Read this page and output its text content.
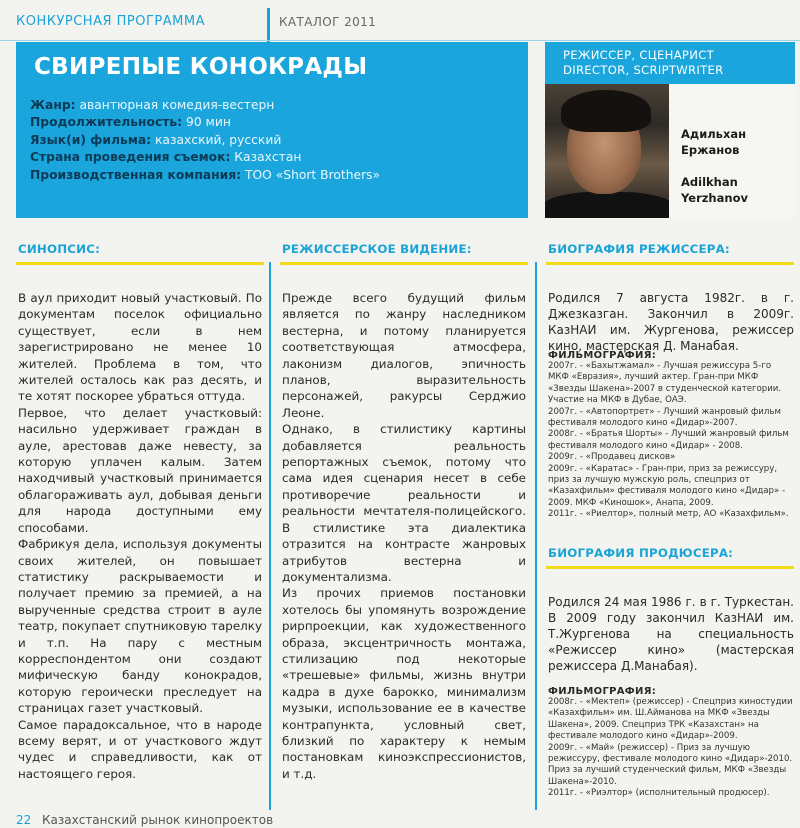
КОНКУРСНАЯ ПРОГРАММА	КАТАЛОГ 2011
СВИРЕПЫЕ КОНОКРАДЫ
Жанр: авантюрная комедия-вестерн
Продолжительность: 90 мин
Язык(и) фильма: казахский, русский
Страна проведения съемок: Казахстан
Производственная компания: ТОО «Short Brothers»
РЕЖИССЕР, СЦЕНАРИСТ
DIRECTOR, SCRIPTWRITER
Адильхан
Ержанов
Adilkhan
Yerzhanov
СИНОПСИС:	РЕЖИССЕРСКОЕ ВИДЕНИЕ:	БИОГРАФИЯ РЕЖИССЕРА:

В аул приходит новый участковый. По документам поселок официально существует, если в нем зарегистрировано не менее 10 жителей. Проблема в том, что жителей осталось как раз десять, и те хотят поскорее убраться оттуда.

Первое, что делает участковый: насильно удерживает граждан в ауле, арестовав даже невесту, за которую уплачен калым. Затем находчивый участковый принимается облагораживать аул, добывая деньги для народа доступными ему способами.

Фабрикуя дела, используя документы своих жителей, он повышает статистику раскрываемости и получает премию за премией, а на вырученные средства строит в ауле театр, покупает спутниковую тарелку и т.п. На пару с местным корреспондентом они создают мифическую банду конокрадов, которую героически преследует на страницах газет участковый.

Самое парадоксальное, что в народе всему верят, и от участкового ждут чудес и справедливости, как от настоящего героя.

Прежде всего будущий фильм является по жанру наследником вестерна, и потому планируется соответствующая атмосфера, лаконизм диалогов, эпичность планов, выразительность персонажей, ракурсы Серджио Леоне.

Однако, в стилистику картины добавляется реальность репортажных съемок, потому что сама идея сценария несет в себе противоречие реальности и реальности мечтателя-полицейского. В стилистике эта диалектика отразится на контрасте жанровых атрибутов вестерна и документализма.

Из прочих приемов постановки хотелось бы упомянуть возрождение рирпроекции, как художественного образа, эксцентричность монтажа, стилизацию под некоторые «трешевые» фильмы, жизнь внутри кадра в духе барокко, минимализм музыки, использование ее в качестве контрапункта, условный свет, близкий по характеру к немым постановкам киноэкспрессионистов, и т.д.

Родился 7 августа 1982г. в г. Джезказган. Закончил в 2009г. КазНАИ им. Жургенова, режиссер кино, мастерская Д. Манабая.
ФИЛЬМОГРАФИЯ:

2007г. - «Бахытжамал» - Лучшая режиссура 5-го МКФ «Евразия», лучший актер. Гран-при МКФ «Звезды Шакена»-2007 в студенческой категории. Участие на МКФ в Дубае, ОАЭ.

2007г. - «Автопортрет» - Лучший жанровый фильм фестиваля молодого кино «Дидар»-2007.

2008г. - «Братья Шорты» - Лучший жанровый фильм фестиваля молодого кино «Дидар» - 2008.

2009г. - «Продавец дисков»

2009г. - «Каратас» - Гран-при, приз за режиссуру, приз за лучшую мужскую роль, спецприз от «Казахфильм» фестиваля молодого кино «Дидар» - 2009. МКФ «Киношок», Анапа, 2009.

2011г. - «Риелтор», полный метр, АО «Казахфильм».

БИОГРАФИЯ ПРОДЮСЕРА:
Родился 24 мая 1986 г. в г. Туркестан. В 2009 году закончил КазНАИ им. Т.Жургенова на специальность «Режиссер кино» (мастерская режиссера Д.Манабая).
ФИЛЬМОГРАФИЯ:

2008г. - «Мектеп» (режиссер) - Спецприз киностудии «Казахфильм» им. Ш.Айманова на МКФ «Звезды Шакена», 2009. Спецприз ТРК «Казахстан» на фестивале молодого кино «Дидар»-2009.

2009г. - «Май» (режиссер) - Приз за лучшую режиссуру, фестивале молодого кино «Дидар»-2010. Приз за лучший студенческий фильм, МКФ «Звезды Шакена»-2010.

2011г. - «Риэлтор» (исполнительный продюсер).

22 Казахстанский рынок кинопроектов
